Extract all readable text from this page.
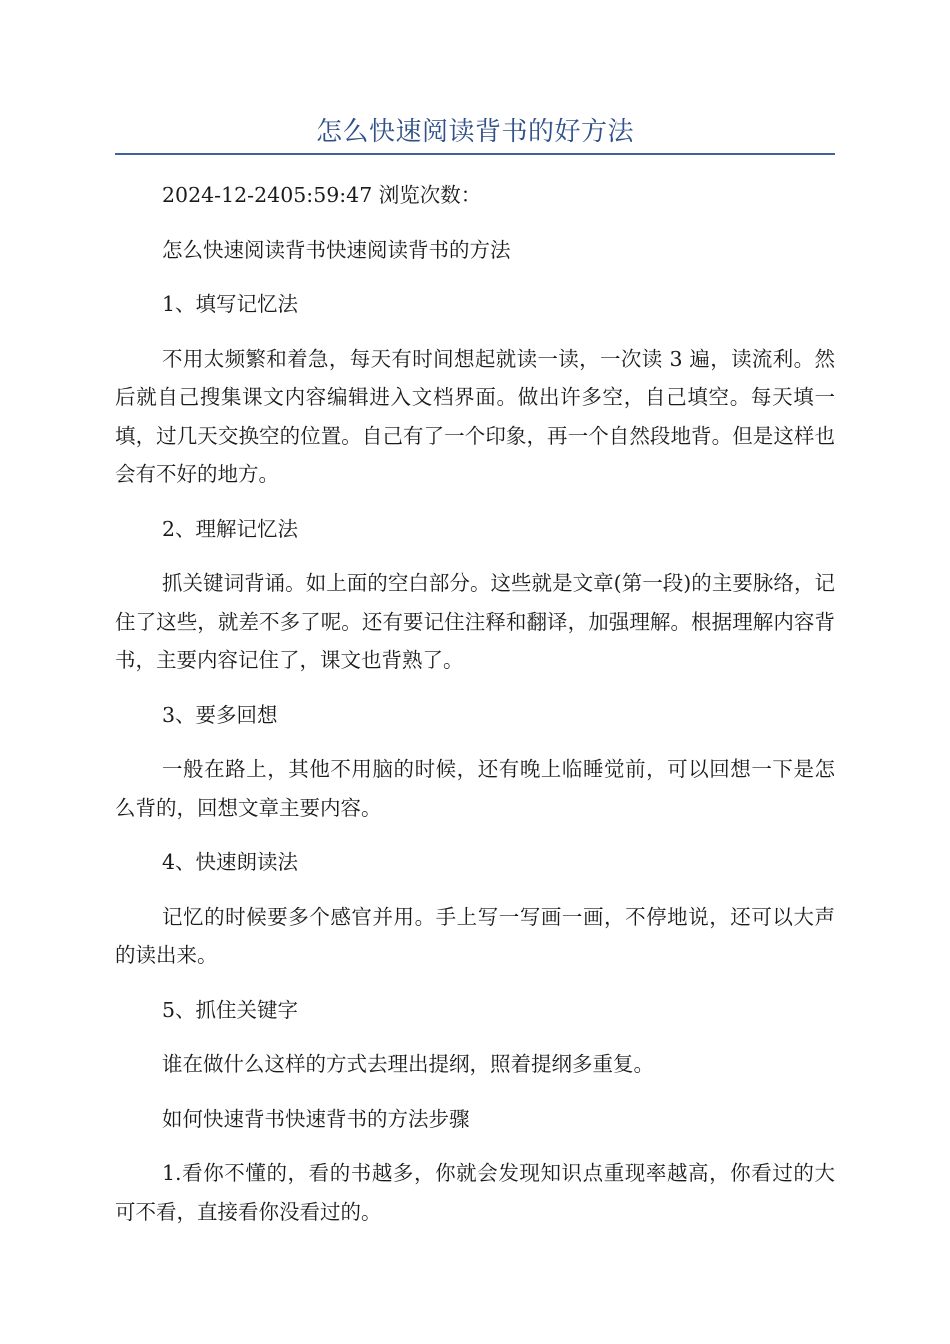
怎么快速阅读背书的好方法

2024-12-2405:59:47 浏览次数：

怎么快速阅读背书快速阅读背书的方法

1、填写记忆法

不用太频繁和着急，每天有时间想起就读一读，一次读 3 遍，读流利。然后就自己搜集课文内容编辑进入文档界面。做出许多空，自己填空。每天填一填，过几天交换空的位置。自己有了一个印象，再一个自然段地背。但是这样也会有不好的地方。

2、理解记忆法

抓关键词背诵。如上面的空白部分。这些就是文章(第一段)的主要脉络，记住了这些，就差不多了呢。还有要记住注释和翻译，加强理解。根据理解内容背书，主要内容记住了，课文也背熟了。

3、要多回想

一般在路上，其他不用脑的时候，还有晚上临睡觉前，可以回想一下是怎么背的，回想文章主要内容。

4、快速朗读法

记忆的时候要多个感官并用。手上写一写画一画，不停地说，还可以大声的读出来。

5、抓住关键字

谁在做什么这样的方式去理出提纲，照着提纲多重复。

如何快速背书快速背书的方法步骤

1.看你不懂的，看的书越多，你就会发现知识点重现率越高，你看过的大可不看，直接看你没看过的。
